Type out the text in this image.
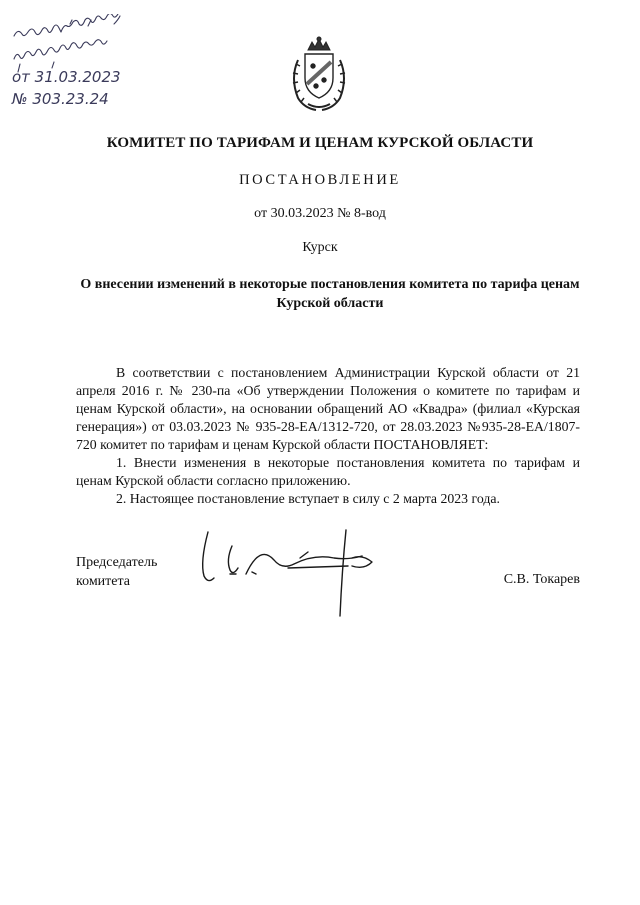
от 31.03.2023
№ 303.23.24
КОМИТЕТ ПО ТАРИФАМ И ЦЕНАМ КУРСКОЙ ОБЛАСТИ
ПОСТАНОВЛЕНИЕ
от 30.03.2023 № 8-вод
Курск
О внесении изменений в некоторые постановления комитета по тарифа ценам Курской области

В соответствии с постановлением Администрации Курской области от 21 апреля 2016 г. № 230-па «Об утверждении Положения о комитете по тарифам и ценам Курской области», на основании обращений АО «Квадра» (филиал «Курская генерация») от 03.03.2023 № 935-28-ЕА/1312-720, от 28.03.2023 №935-28-ЕА/1807-720 комитет по тарифам и ценам Курской области ПОСТАНОВЛЯЕТ:

1. Внести изменения в некоторые постановления комитета по тарифам и ценам Курской области согласно приложению.

2. Настоящее постановление вступает в силу с 2 марта 2023 года.

Председатель
комитета	С.В. Токарев
